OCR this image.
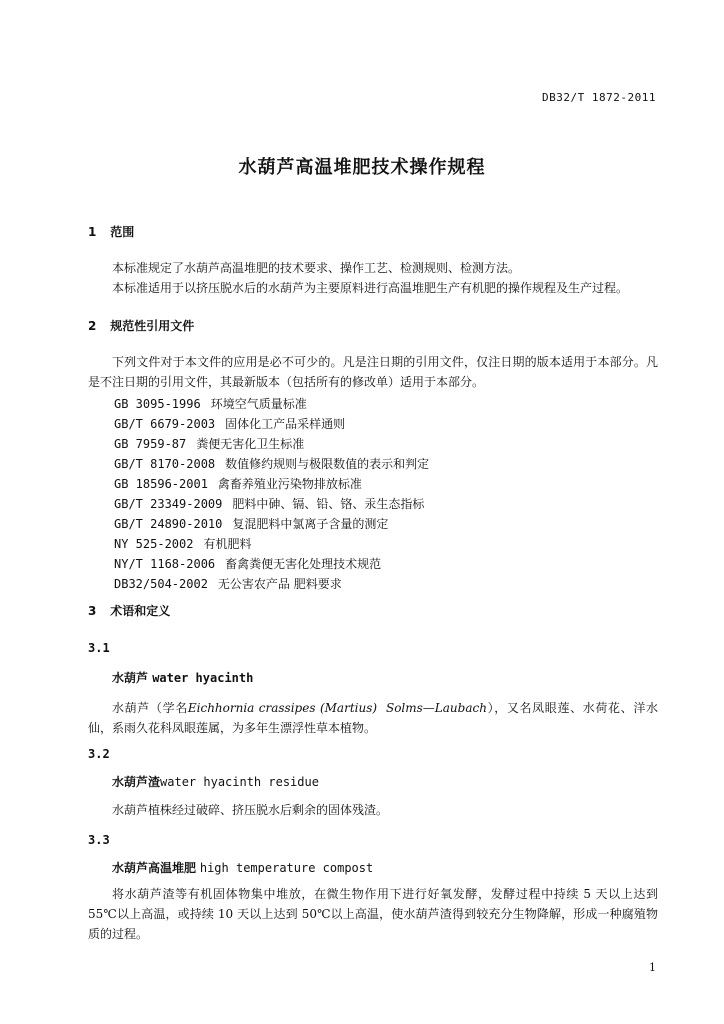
DB32/T 1872-2011
水葫芦高温堆肥技术操作规程
1 范围
本标准规定了水葫芦高温堆肥的技术要求、操作工艺、检测规则、检测方法。
本标准适用于以挤压脱水后的水葫芦为主要原料进行高温堆肥生产有机肥的操作规程及生产过程。
2 规范性引用文件
下列文件对于本文件的应用是必不可少的。凡是注日期的引用文件，仅注日期的版本适用于本部分。凡是不注日期的引用文件，其最新版本（包括所有的修改单）适用于本部分。
GB 3095-1996 环境空气质量标准
GB/T 6679-2003 固体化工产品采样通则
GB 7959-87 粪便无害化卫生标准
GB/T 8170-2008 数值修约规则与极限数值的表示和判定
GB 18596-2001 禽畜养殖业污染物排放标准
GB/T 23349-2009 肥料中砷、镉、铅、铬、汞生态指标
GB/T 24890-2010 复混肥料中氯离子含量的测定
NY 525-2002 有机肥料
NY/T 1168-2006 畜禽粪便无害化处理技术规范
DB32/504-2002 无公害农产品 肥料要求
3 术语和定义
3.1
水葫芦 water hyacinth
水葫芦（学名Eichhornia crassipes (Martius) Solms—Laubach），又名凤眼莲、水荷花、洋水仙，系雨久花科凤眼莲属，为多年生漂浮性草本植物。
3.2
水葫芦渣water hyacinth residue
水葫芦植株经过破碎、挤压脱水后剩余的固体残渣。
3.3
水葫芦高温堆肥 high temperature compost
将水葫芦渣等有机固体物集中堆放，在微生物作用下进行好氧发酵，发酵过程中持续 5 天以上达到 55℃以上高温，或持续 10 天以上达到 50℃以上高温，使水葫芦渣得到较充分生物降解，形成一种腐殖物质的过程。
1
